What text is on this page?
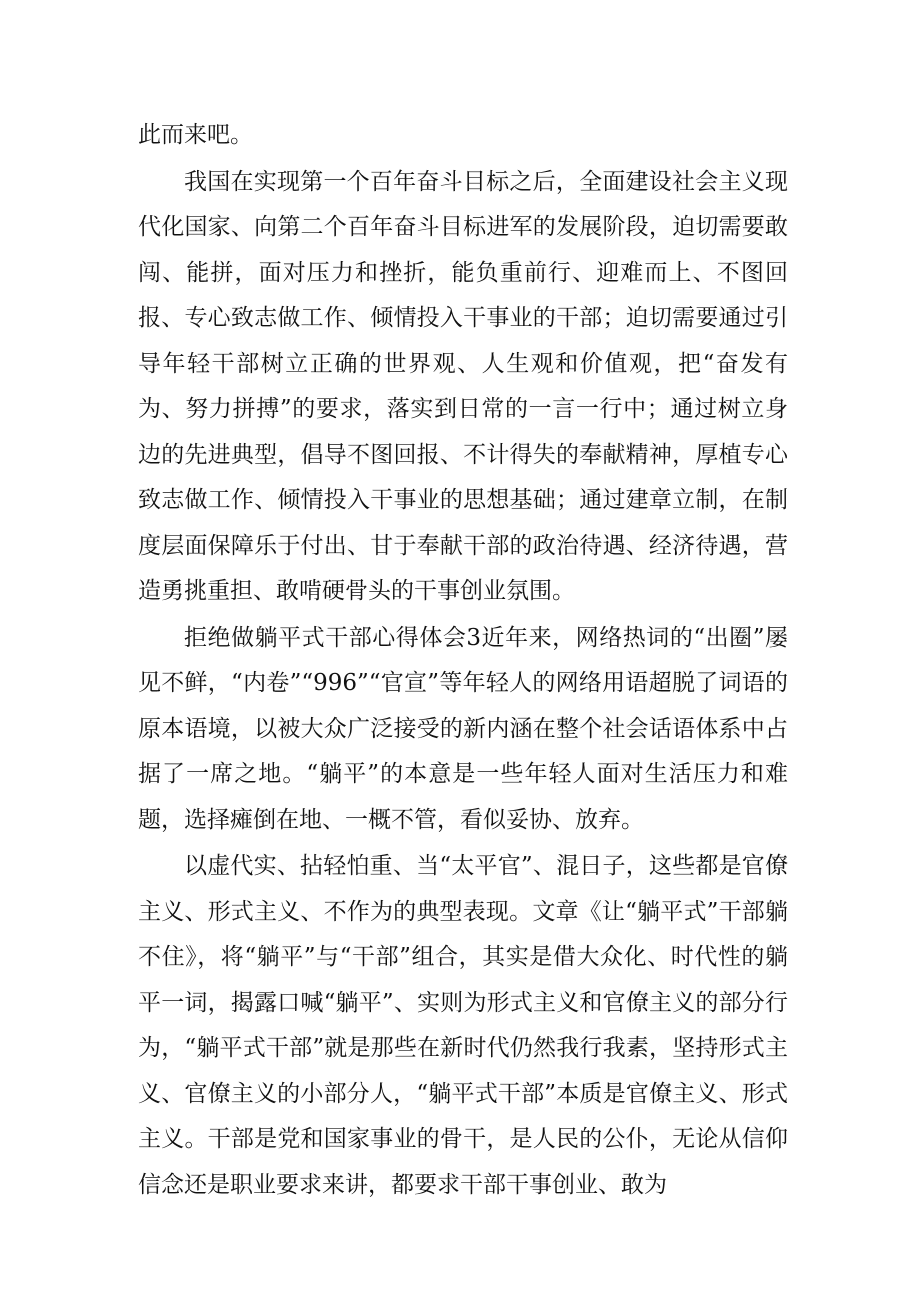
此而来吧。

我国在实现第一个百年奋斗目标之后，全面建设社会主义现代化国家、向第二个百年奋斗目标进军的发展阶段，迫切需要敢闯、能拼，面对压力和挫折，能负重前行、迎难而上、不图回报、专心致志做工作、倾情投入干事业的干部；迫切需要通过引导年轻干部树立正确的世界观、人生观和价值观，把“奋发有为、努力拼搏”的要求，落实到日常的一言一行中；通过树立身边的先进典型，倡导不图回报、不计得失的奉献精神，厚植专心致志做工作、倾情投入干事业的思想基础；通过建章立制，在制度层面保障乐于付出、甘于奉献干部的政治待遇、经济待遇，营造勇挑重担、敢啃硬骨头的干事创业氛围。

拒绝做躺平式干部心得体会3近年来，网络热词的“出圈”屡见不鲜，“内卷”“996”“官宣”等年轻人的网络用语超脱了词语的原本语境，以被大众广泛接受的新内涵在整个社会话语体系中占据了一席之地。“躺平”的本意是一些年轻人面对生活压力和难题，选择瘫倒在地、一概不管，看似妥协、放弃。

以虚代实、拈轻怕重、当“太平官”、混日子，这些都是官僚主义、形式主义、不作为的典型表现。文章《让“躺平式”干部躺不住》，将“躺平”与“干部”组合，其实是借大众化、时代性的躺平一词，揭露口喊“躺平”、实则为形式主义和官僚主义的部分行为，“躺平式干部”就是那些在新时代仍然我行我素，坚持形式主义、官僚主义的小部分人，“躺平式干部”本质是官僚主义、形式主义。干部是党和国家事业的骨干，是人民的公仆，无论从信仰信念还是职业要求来讲，都要求干部干事创业、敢为
